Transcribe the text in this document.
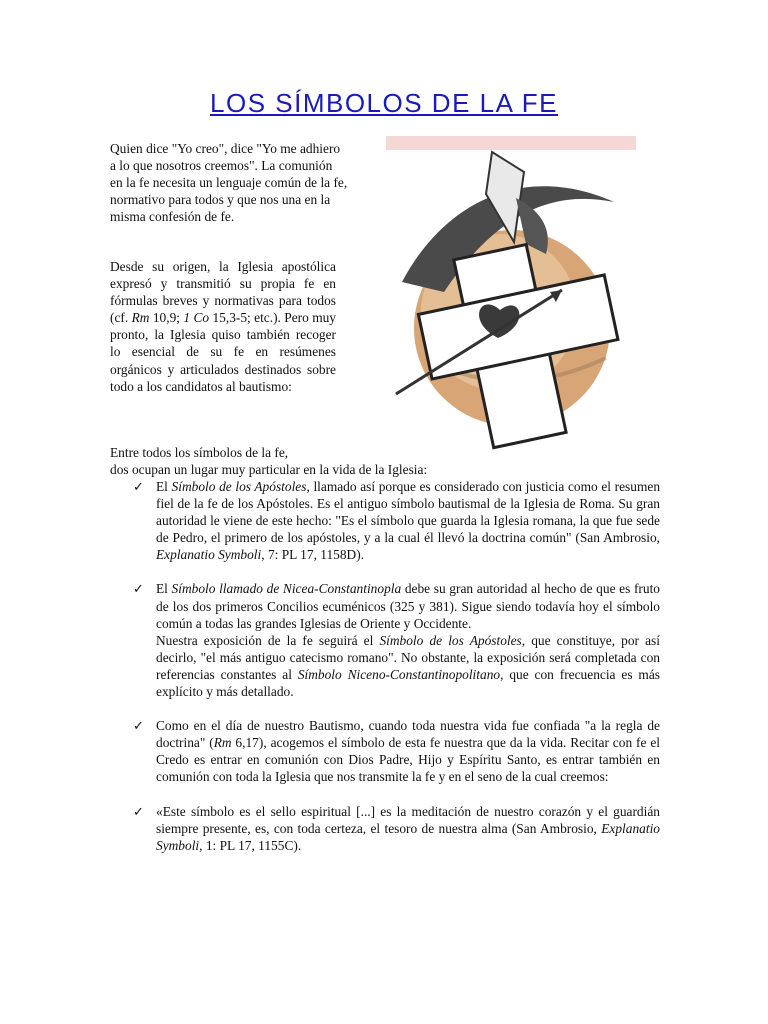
LOS SÍMBOLOS DE LA FE

Quien dice "Yo creo", dice "Yo me adhiero a lo que nosotros creemos". La comunión en la fe necesita un lenguaje común de la fe, normativo para todos y que nos una en la misma confesión de fe.

Desde su origen, la Iglesia apostólica expresó y transmitió su propia fe en fórmulas breves y normativas para todos (cf. Rm 10,9; 1 Co 15,3-5; etc.). Pero muy pronto, la Iglesia quiso también recoger lo esencial de su fe en resúmenes orgánicos y articulados destinados sobre todo a los candidatos al bautismo:

Entre todos los símbolos de la fe,
dos ocupan un lugar muy particular en la vida de la Iglesia:

✓ El Símbolo de los Apóstoles, llamado así porque es considerado con justicia como el resumen fiel de la fe de los Apóstoles. Es el antiguo símbolo bautismal de la Iglesia de Roma. Su gran autoridad le viene de este hecho: "Es el símbolo que guarda la Iglesia romana, la que fue sede de Pedro, el primero de los apóstoles, y a la cual él llevó la doctrina común" (San Ambrosio, Explanatio Symboli, 7: PL 17, 1158D).
✓ El Símbolo llamado de Nicea-Constantinopla debe su gran autoridad al hecho de que es fruto de los dos primeros Concilios ecuménicos (325 y 381). Sigue siendo todavía hoy el símbolo común a todas las grandes Iglesias de Oriente y Occidente.
Nuestra exposición de la fe seguirá el Símbolo de los Apóstoles, que constituye, por así decirlo, "el más antiguo catecismo romano". No obstante, la exposición será completada con referencias constantes al Símbolo Niceno-Constantinopolitano, que con frecuencia es más explícito y más detallado.
✓ Como en el día de nuestro Bautismo, cuando toda nuestra vida fue confiada "a la regla de doctrina" (Rm 6,17), acogemos el símbolo de esta fe nuestra que da la vida. Recitar con fe el Credo es entrar en comunión con Dios Padre, Hijo y Espíritu Santo, es entrar también en comunión con toda la Iglesia que nos transmite la fe y en el seno de la cual creemos:
✓ «Este símbolo es el sello espiritual [...] es la meditación de nuestro corazón y el guardián siempre presente, es, con toda certeza, el tesoro de nuestra alma (San Ambrosio, Explanatio Symboli, 1: PL 17, 1155C).
